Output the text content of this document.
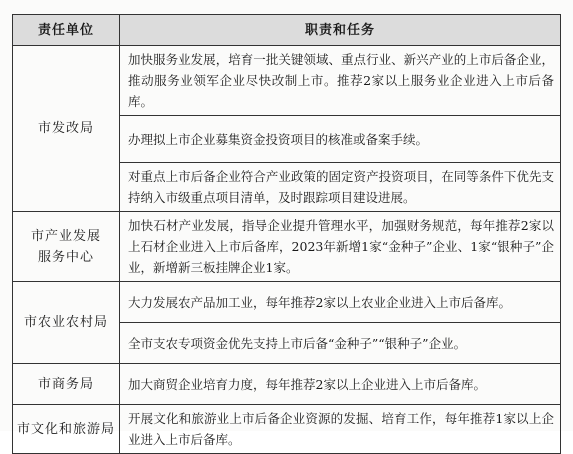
责任单位	职责和任务
市发改局	加快服务业发展，培育一批关键领域、重点行业、新兴产业的上市后备企业，推动服务业领军企业尽快改制上市。推荐2家以上服务业企业进入上市后备库。
	办理拟上市企业募集资金投资项目的核准或备案手续。
	对重点上市后备企业符合产业政策的固定资产投资项目，在同等条件下优先支持纳入市级重点项目清单，及时跟踪项目建设进展。
市产业发展服务中心	加快石材产业发展，指导企业提升管理水平，加强财务规范，每年推荐2家以上石材企业进入上市后备库，2023年新增1家“金种子”企业、1家“银种子”企业，新增新三板挂牌企业1家。
市农业农村局	大力发展农产品加工业，每年推荐2家以上农业企业进入上市后备库。
	全市支农专项资金优先支持上市后备“金种子”“银种子”企业。
市商务局	加大商贸企业培育力度，每年推荐2家以上企业进入上市后备库。
市文化和旅游局	开展文化和旅游业上市后备企业资源的发掘、培育工作，每年推荐1家以上企业进入上市后备库。
